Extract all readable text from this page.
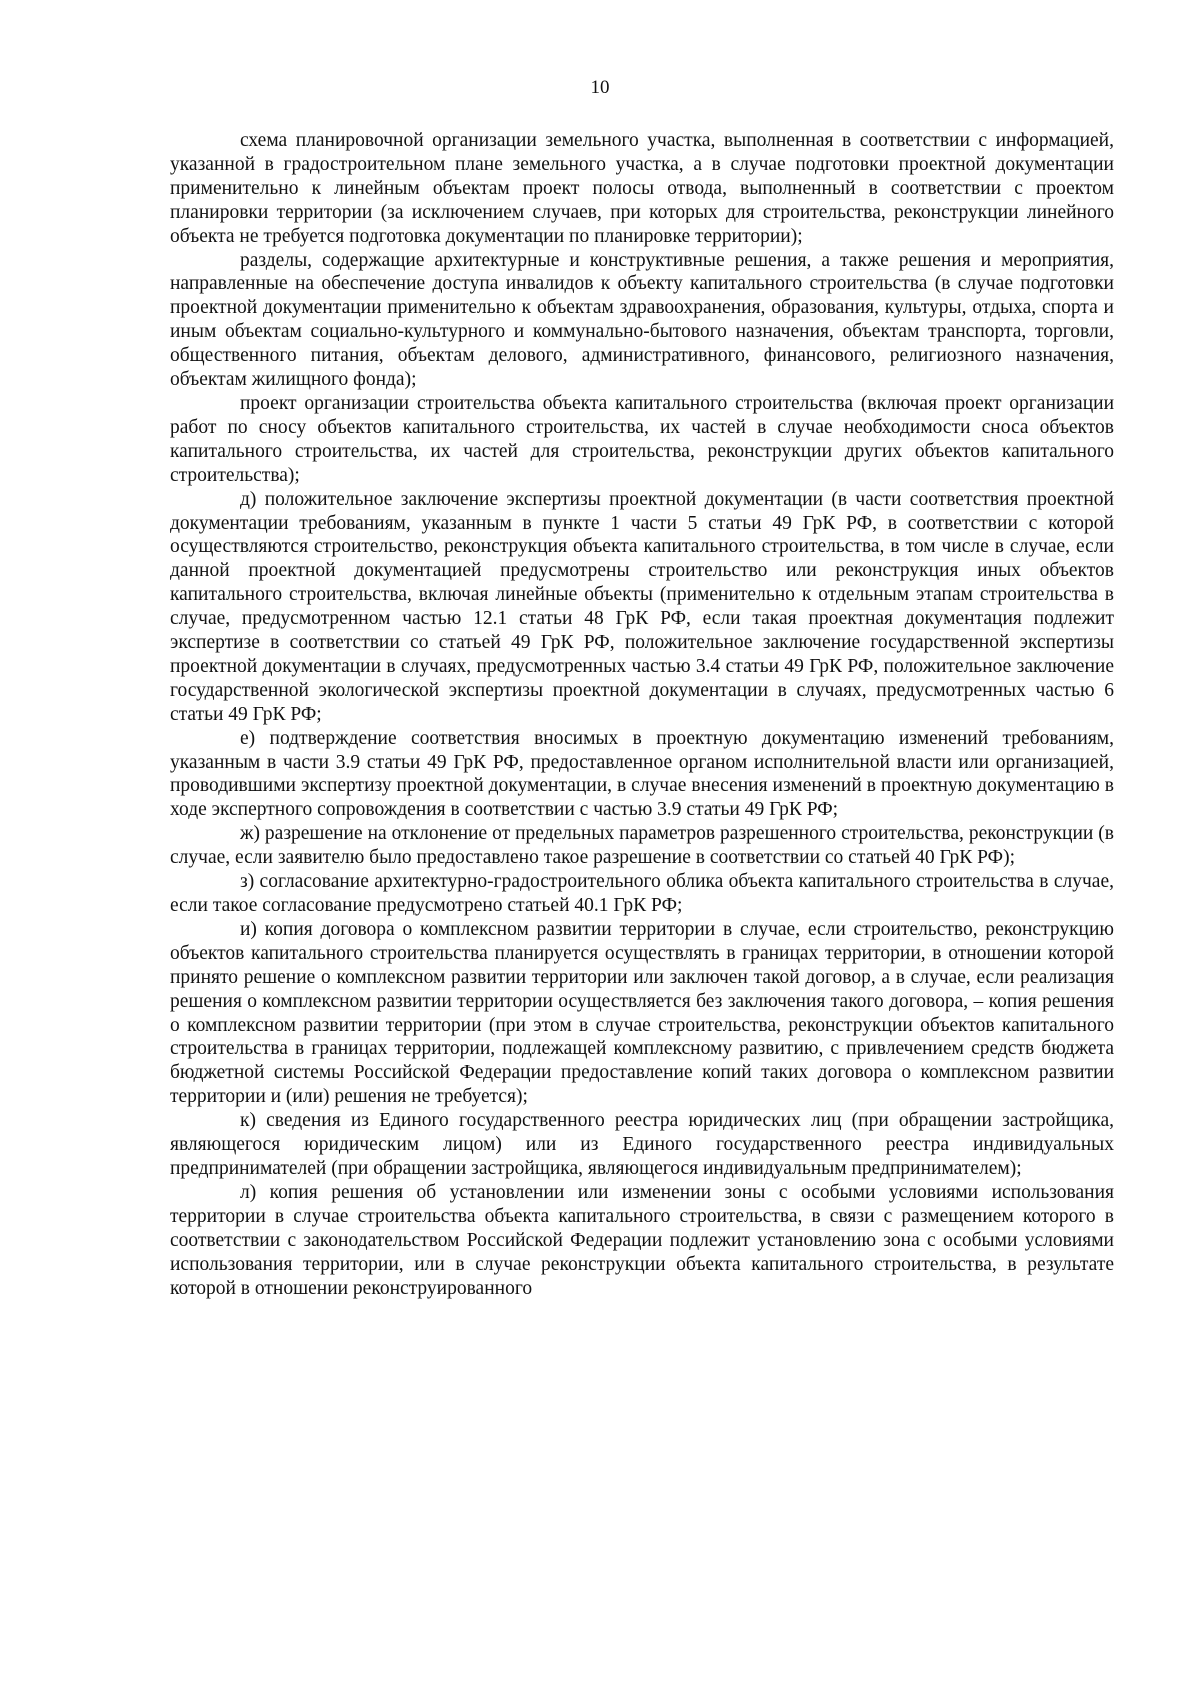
10

схема планировочной организации земельного участка, выполненная в соответствии с информацией, указанной в градостроительном плане земельного участка, а в случае подготовки проектной документации применительно к линейным объектам проект полосы отвода, выполненный в соответствии с проектом планировки территории (за исключением случаев, при которых для строительства, реконструкции линейного объекта не требуется подготовка документации по планировке территории);

разделы, содержащие архитектурные и конструктивные решения, а также решения и мероприятия, направленные на обеспечение доступа инвалидов к объекту капитального строительства (в случае подготовки проектной документации применительно к объектам здравоохранения, образования, культуры, отдыха, спорта и иным объектам социально-культурного и коммунально-бытового назначения, объектам транспорта, торговли, общественного питания, объектам делового, административного, финансового, религиозного назначения, объектам жилищного фонда);

проект организации строительства объекта капитального строительства (включая проект организации работ по сносу объектов капитального строительства, их частей в случае необходимости сноса объектов капитального строительства, их частей для строительства, реконструкции других объектов капитального строительства);

д) положительное заключение экспертизы проектной документации (в части соответствия проектной документации требованиям, указанным в пункте 1 части 5 статьи 49 ГрК РФ, в соответствии с которой осуществляются строительство, реконструкция объекта капитального строительства, в том числе в случае, если данной проектной документацией предусмотрены строительство или реконструкция иных объектов капитального строительства, включая линейные объекты (применительно к отдельным этапам строительства в случае, предусмотренном частью 12.1 статьи 48 ГрК РФ, если такая проектная документация подлежит экспертизе в соответствии со статьей 49 ГрК РФ, положительное заключение государственной экспертизы проектной документации в случаях, предусмотренных частью 3.4 статьи 49 ГрК РФ, положительное заключение государственной экологической экспертизы проектной документации в случаях, предусмотренных частью 6 статьи 49 ГрК РФ;

е) подтверждение соответствия вносимых в проектную документацию изменений требованиям, указанным в части 3.9 статьи 49 ГрК РФ, предоставленное органом исполнительной власти или организацией, проводившими экспертизу проектной документации, в случае внесения изменений в проектную документацию в ходе экспертного сопровождения в соответствии с частью 3.9 статьи 49 ГрК РФ;

ж) разрешение на отклонение от предельных параметров разрешенного строительства, реконструкции (в случае, если заявителю было предоставлено такое разрешение в соответствии со статьей 40 ГрК РФ);

з) согласование архитектурно-градостроительного облика объекта капитального строительства в случае, если такое согласование предусмотрено статьей 40.1 ГрК РФ;

и) копия договора о комплексном развитии территории в случае, если строительство, реконструкцию объектов капитального строительства планируется осуществлять в границах территории, в отношении которой принято решение о комплексном развитии территории или заключен такой договор, а в случае, если реализация решения о комплексном развитии территории осуществляется без заключения такого договора, – копия решения о комплексном развитии территории (при этом в случае строительства, реконструкции объектов капитального строительства в границах территории, подлежащей комплексному развитию, с привлечением средств бюджета бюджетной системы Российской Федерации предоставление копий таких договора о комплексном развитии территории и (или) решения не требуется);

к) сведения из Единого государственного реестра юридических лиц (при обращении застройщика, являющегося юридическим лицом) или из Единого государственного реестра индивидуальных предпринимателей (при обращении застройщика, являющегося индивидуальным предпринимателем);

л) копия решения об установлении или изменении зоны с особыми условиями использования территории в случае строительства объекта капитального строительства, в связи с размещением которого в соответствии с законодательством Российской Федерации подлежит установлению зона с особыми условиями использования территории, или в случае реконструкции объекта капитального строительства, в результате которой в отношении реконструированного
